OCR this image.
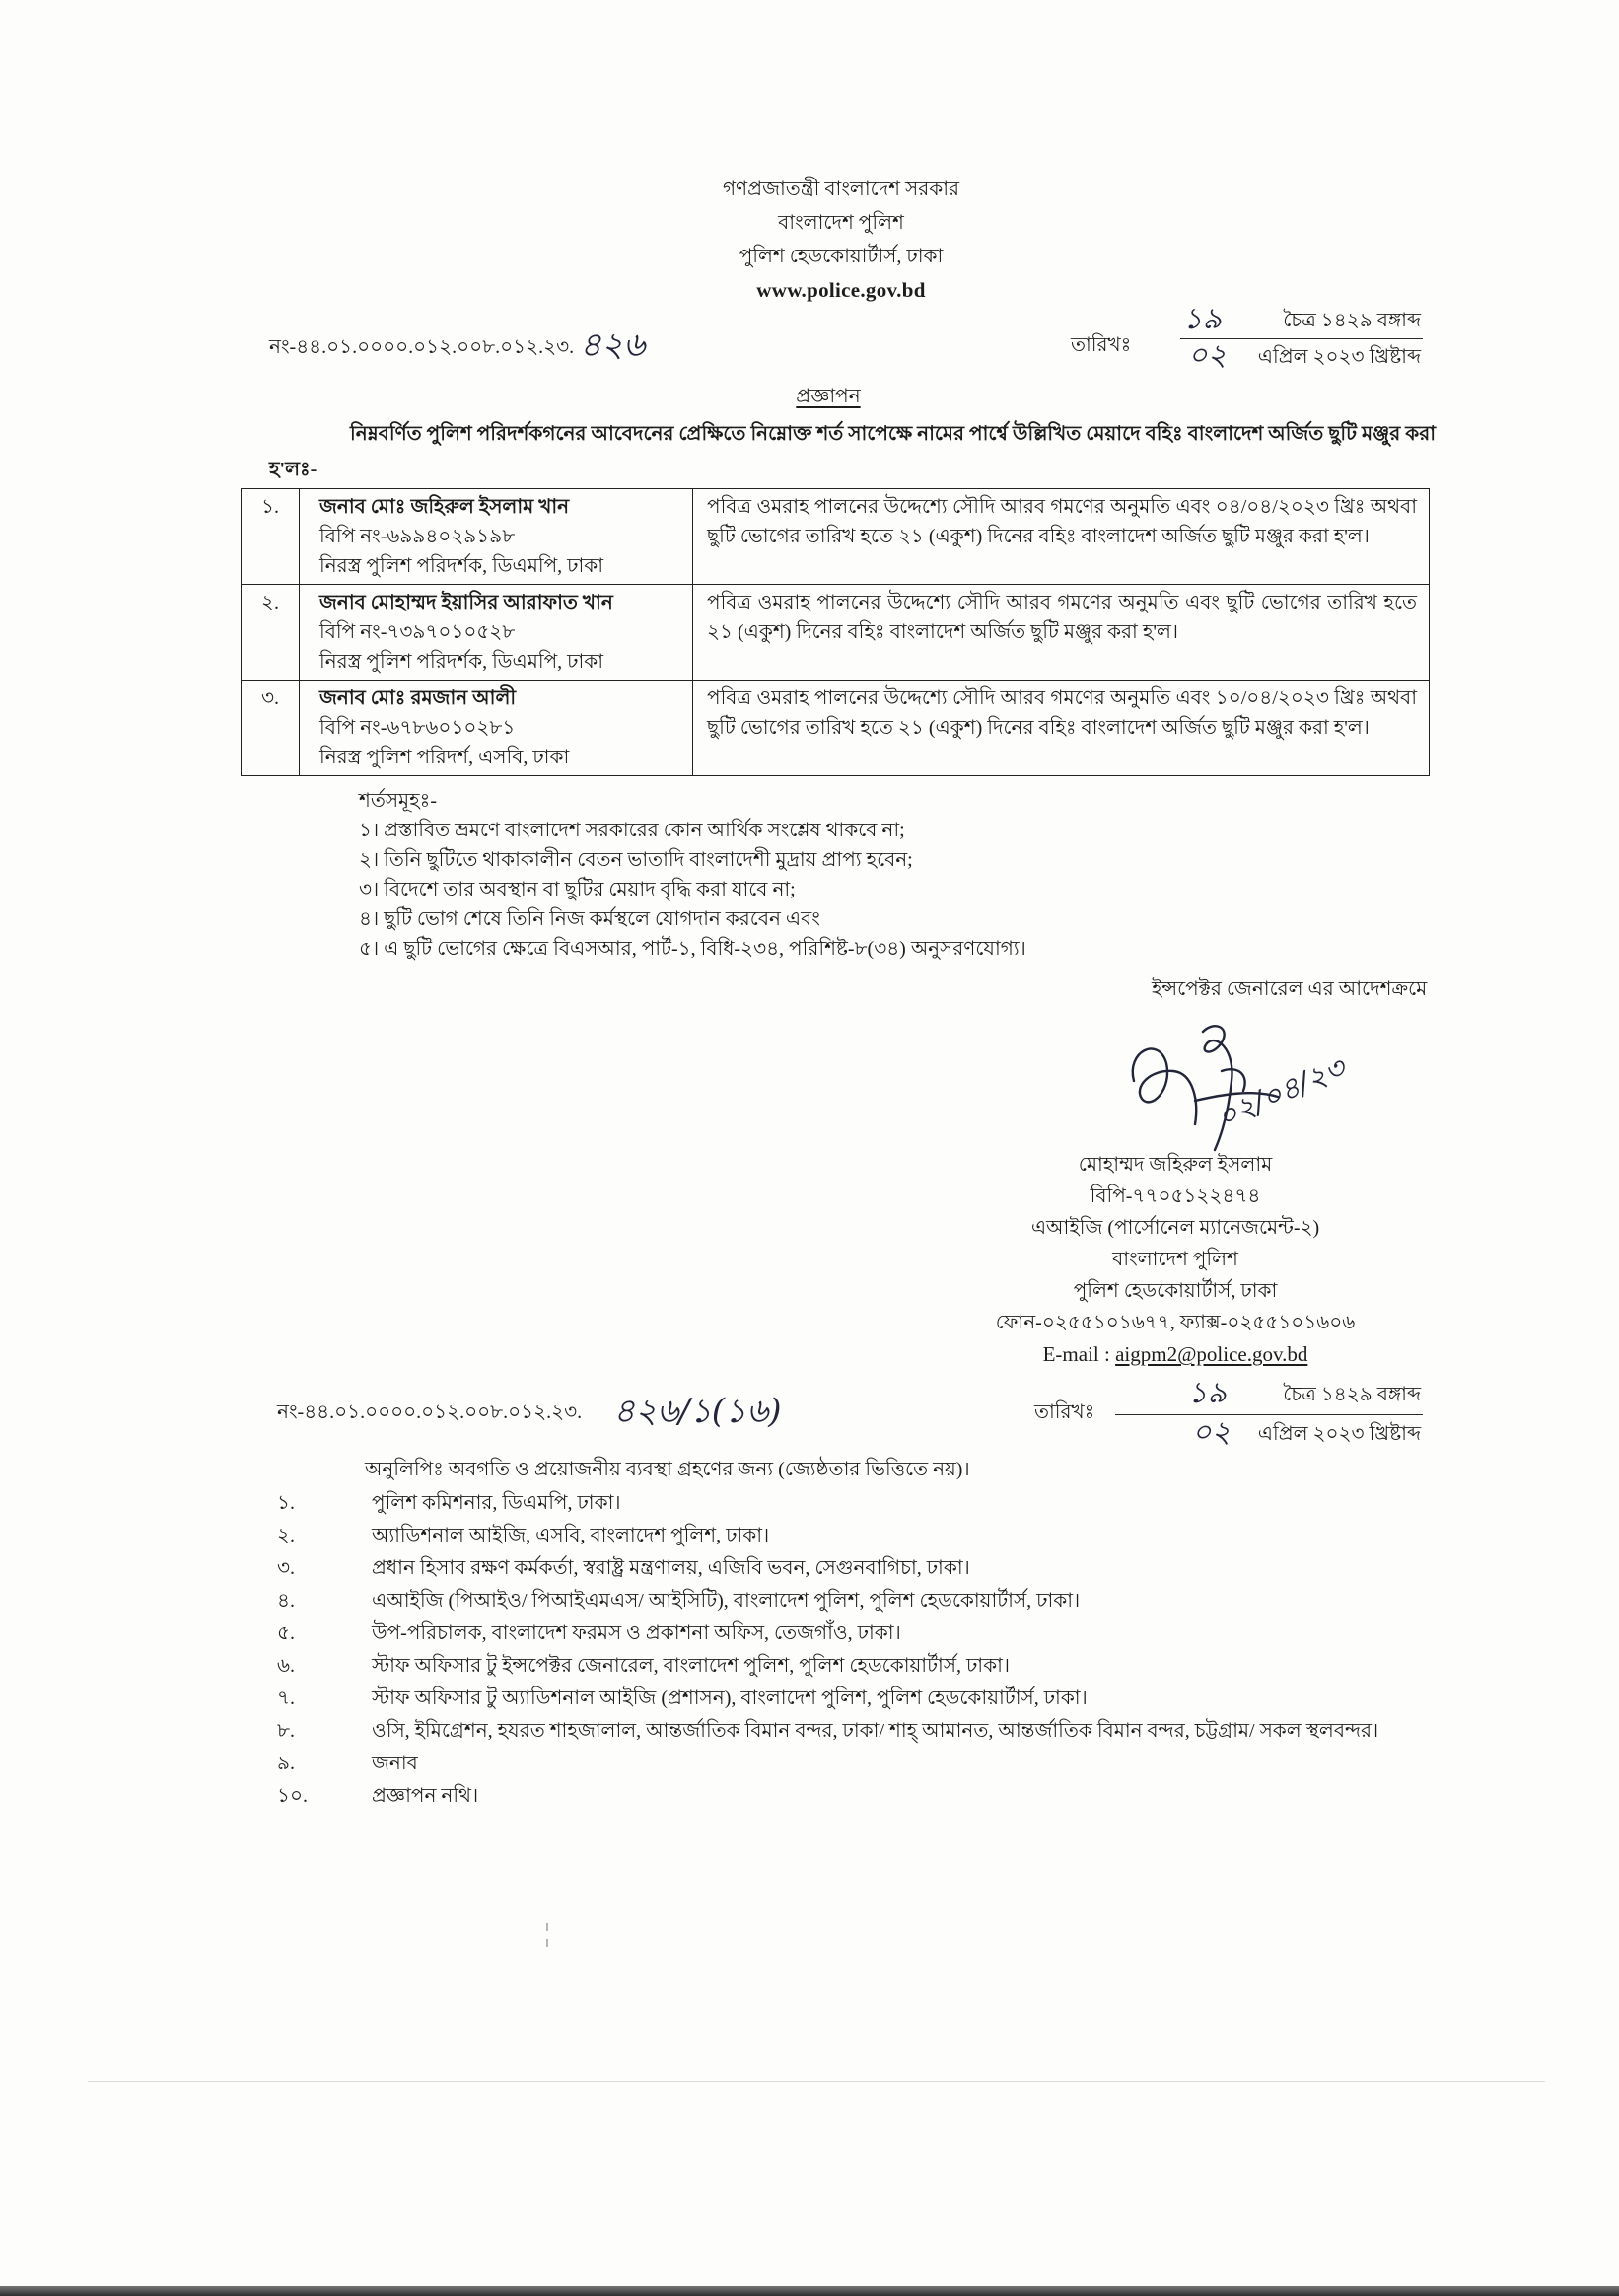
গণপ্রজাতন্ত্রী বাংলাদেশ সরকার
বাংলাদেশ পুলিশ
পুলিশ হেডকোয়ার্টার্স, ঢাকা
www.police.gov.bd
নং-৪৪.০১.০০০০.০১২.০০৮.০১২.২৩. ৪২৬	তারিখঃ
১৯	চৈত্র ১৪২৯ বঙ্গাব্দ
০২ এপ্রিল ২০২৩ খ্রিষ্টাব্দ
প্রজ্ঞাপন
নিম্নবর্ণিত পুলিশ পরিদর্শকগনের আবেদনের প্রেক্ষিতে নিম্নোক্ত শর্ত সাপেক্ষে নামের পার্শ্বে উল্লিখিত মেয়াদে বহিঃ বাংলাদেশ অর্জিত ছুটি মঞ্জুর করা হ'লঃ-
১.	জনাব মোঃ জহিরুল ইসলাম খান
বিপি নং-৬৯৯৪০২৯১৯৮
নিরস্ত্র পুলিশ পরিদর্শক, ডিএমপি, ঢাকা	পবিত্র ওমরাহ পালনের উদ্দেশ্যে সৌদি আরব গমণের অনুমতি এবং ০৪/০৪/২০২৩ খ্রিঃ অথবা ছুটি ভোগের তারিখ হতে ২১ (একুশ) দিনের বহিঃ বাংলাদেশ অর্জিত ছুটি মঞ্জুর করা হ'ল।
২.	জনাব মোহাম্মদ ইয়াসির আরাফাত খান
বিপি নং-৭৩৯৭০১০৫২৮
নিরস্ত্র পুলিশ পরিদর্শক, ডিএমপি, ঢাকা	পবিত্র ওমরাহ পালনের উদ্দেশ্যে সৌদি আরব গমণের অনুমতি এবং ছুটি ভোগের তারিখ হতে ২১ (একুশ) দিনের বহিঃ বাংলাদেশ অর্জিত ছুটি মঞ্জুর করা হ'ল।
৩.	জনাব মোঃ রমজান আলী
বিপি নং-৬৭৮৬০১০২৮১
নিরস্ত্র পুলিশ পরিদর্শ, এসবি, ঢাকা	পবিত্র ওমরাহ পালনের উদ্দেশ্যে সৌদি আরব গমণের অনুমতি এবং ১০/০৪/২০২৩ খ্রিঃ অথবা ছুটি ভোগের তারিখ হতে ২১ (একুশ) দিনের বহিঃ বাংলাদেশ অর্জিত ছুটি মঞ্জুর করা হ'ল।
শর্তসমূহঃ-
১। প্রস্তাবিত ভ্রমণে বাংলাদেশ সরকারের কোন আর্থিক সংশ্লেষ থাকবে না;
২। তিনি ছুটিতে থাকাকালীন বেতন ভাতাদি বাংলাদেশী মুদ্রায় প্রাপ্য হবেন;
৩। বিদেশে তার অবস্থান বা ছুটির মেয়াদ বৃদ্ধি করা যাবে না;
৪। ছুটি ভোগ শেষে তিনি নিজ কর্মস্থলে যোগদান করবেন এবং
৫। এ ছুটি ভোগের ক্ষেত্রে বিএসআর, পার্ট-১, বিধি-২৩৪, পরিশিষ্ট-৮(৩৪) অনুসরণযোগ্য।
ইন্সপেক্টর জেনারেল এর আদেশক্রমে
০২/০৪/২৩
মোহাম্মদ জহিরুল ইসলাম
বিপি-৭৭০৫১২২৪৭৪
এআইজি (পার্সোনেল ম্যানেজমেন্ট-২)
বাংলাদেশ পুলিশ
পুলিশ হেডকোয়ার্টার্স, ঢাকা
ফোন-০২৫৫১০১৬৭৭, ফ্যাক্স-০২৫৫১০১৬০৬
E-mail : aigpm2@police.gov.bd
নং-৪৪.০১.০০০০.০১২.০০৮.০১২.২৩. ৪২৬/১(১৬)	তারিখঃ
১৯	চৈত্র ১৪২৯ বঙ্গাব্দ
০২ এপ্রিল ২০২৩ খ্রিষ্টাব্দ
অনুলিপিঃ অবগতি ও প্রয়োজনীয় ব্যবস্থা গ্রহণের জন্য (জ্যেষ্ঠতার ভিত্তিতে নয়)।
১.	পুলিশ কমিশনার, ডিএমপি, ঢাকা।
২.	অ্যাডিশনাল আইজি, এসবি, বাংলাদেশ পুলিশ, ঢাকা।
৩.	প্রধান হিসাব রক্ষণ কর্মকর্তা, স্বরাষ্ট্র মন্ত্রণালয়, এজিবি ভবন, সেগুনবাগিচা, ঢাকা।
৪.	এআইজি (পিআইও/ পিআইএমএস/ আইসিটি), বাংলাদেশ পুলিশ, পুলিশ হেডকোয়ার্টার্স, ঢাকা।
৫.	উপ-পরিচালক, বাংলাদেশ ফরমস ও প্রকাশনা অফিস, তেজগাঁও, ঢাকা।
৬.	স্টাফ অফিসার টু ইন্সপেক্টর জেনারেল, বাংলাদেশ পুলিশ, পুলিশ হেডকোয়ার্টার্স, ঢাকা।
৭.	স্টাফ অফিসার টু অ্যাডিশনাল আইজি (প্রশাসন), বাংলাদেশ পুলিশ, পুলিশ হেডকোয়ার্টার্স, ঢাকা।
৮.	ওসি, ইমিগ্রেশন, হযরত শাহজালাল, আন্তর্জাতিক বিমান বন্দর, ঢাকা/ শাহ্ আমানত, আন্তর্জাতিক বিমান বন্দর, চট্টগ্রাম/ সকল স্থলবন্দর।
৯.	জনাব
১০.	প্রজ্ঞাপন নথি।
